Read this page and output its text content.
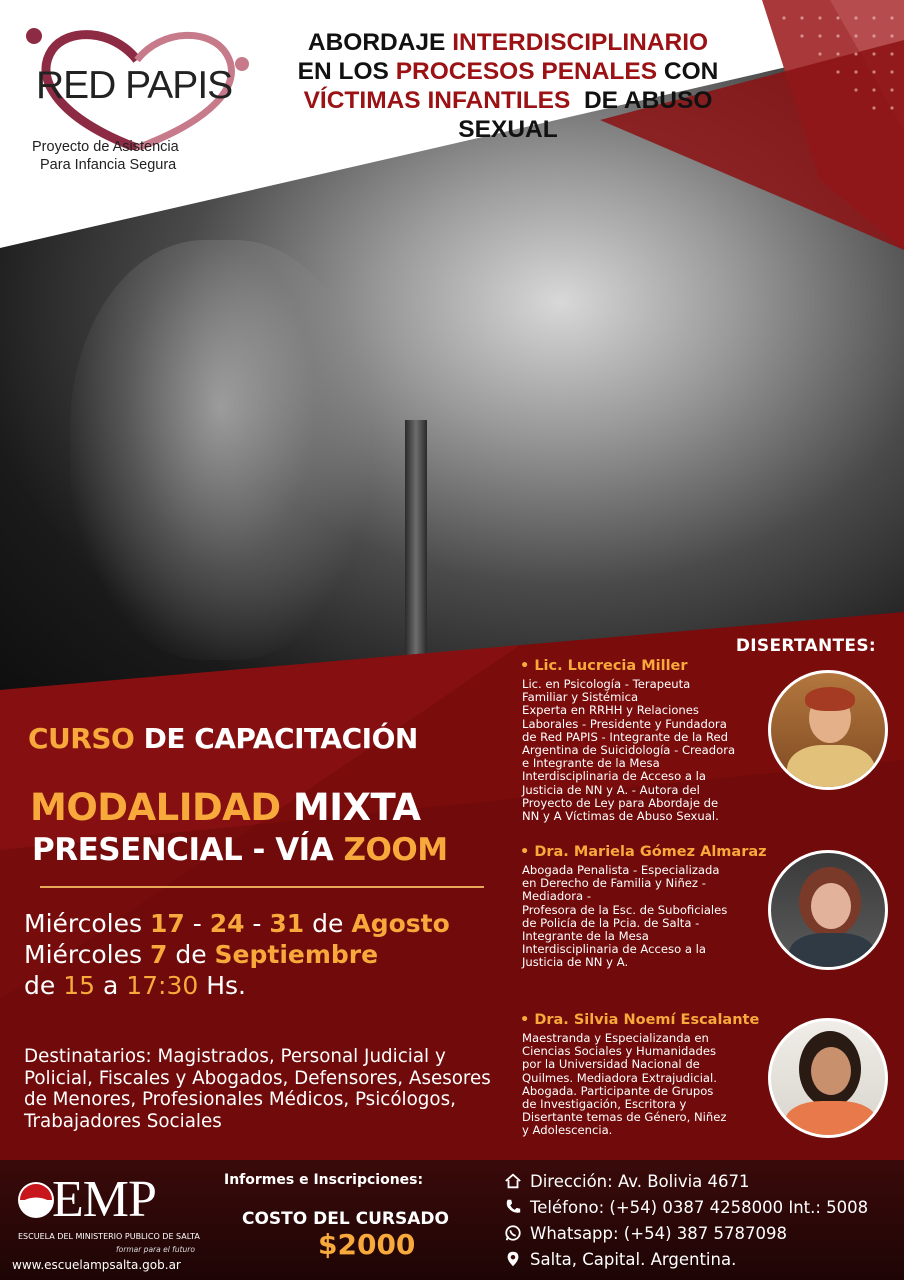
RED PAPIS
Proyecto de Asistencia
Para Infancia Segura
ABORDAJE INTERDISCIPLINARIO
EN LOS PROCESOS PENALES CON
VÍCTIMAS INFANTILES  DE ABUSO
SEXUAL
CURSO DE CAPACITACIÓN
MODALIDAD MIXTA
PRESENCIAL - VÍA ZOOM
Miércoles 17 - 24 - 31 de Agosto
Miércoles 7 de Septiembre
de 15 a 17:30 Hs.
Destinatarios: Magistrados, Personal Judicial y Policial, Fiscales y Abogados, Defensores, Asesores de Menores, Profesionales Médicos, Psicólogos, Trabajadores Sociales
DISERTANTES:
• Lic. Lucrecia Miller
Lic. en Psicología - Terapeuta
Familiar y Sistémica
Experta en RRHH y Relaciones
Laborales - Presidente y Fundadora
de Red PAPIS - Integrante de la Red
Argentina de Suicidología - Creadora
e Integrante de la Mesa
Interdisciplinaria de Acceso a la
Justicia de NN y A. - Autora del
Proyecto de Ley para Abordaje de
NN y A Víctimas de Abuso Sexual.
• Dra. Mariela Gómez Almaraz
Abogada Penalista - Especializada
en Derecho de Familia y Niñez -
Mediadora -
Profesora de la Esc. de Suboficiales
de Policía de la Pcia. de Salta -
Integrante de la Mesa
Interdisciplinaria de Acceso a la
Justicia de NN y A.
• Dra. Silvia Noemí Escalante
Maestranda y Especializanda en
Ciencias Sociales y Humanidades
por la Universidad Nacional de
Quilmes. Mediadora Extrajudicial.
Abogada. Participante de Grupos
de Investigación, Escritora y
Disertante temas de Género, Niñez
y Adolescencia.
EMP
ESCUELA DEL MINISTERIO PUBLICO DE SALTA
formar para el futuro
www.escuelampsalta.gob.ar
Informes e Inscripciones:
COSTO DEL CURSADO
$2000
Dirección: Av. Bolivia 4671
Teléfono: (+54) 0387 4258000 Int.: 5008
Whatsapp: (+54) 387 5787098
Salta, Capital. Argentina.
